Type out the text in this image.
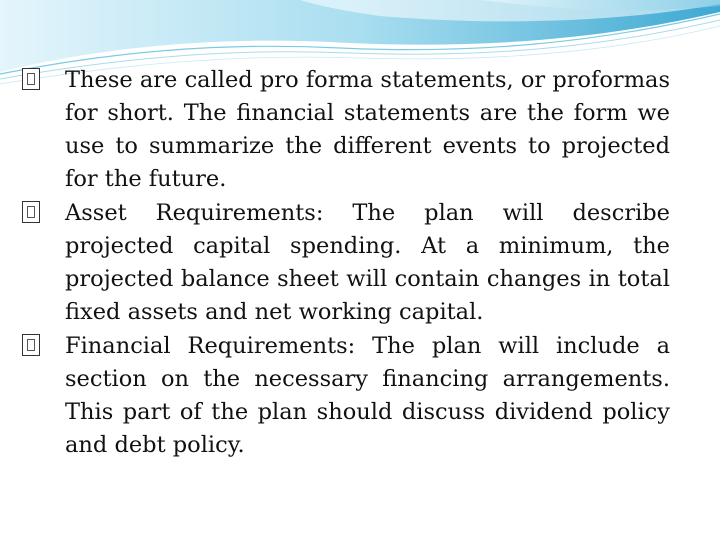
These are called pro forma statements, or proformas for short. The financial statements are the form we use to summarize the different events to projected for the future.

Asset Requirements: The plan will describe projected capital spending. At a minimum, the projected balance sheet will contain changes in total fixed assets and net working capital.

Financial Requirements: The plan will include a section on the necessary financing arrangements. This part of the plan should discuss dividend policy and debt policy.
